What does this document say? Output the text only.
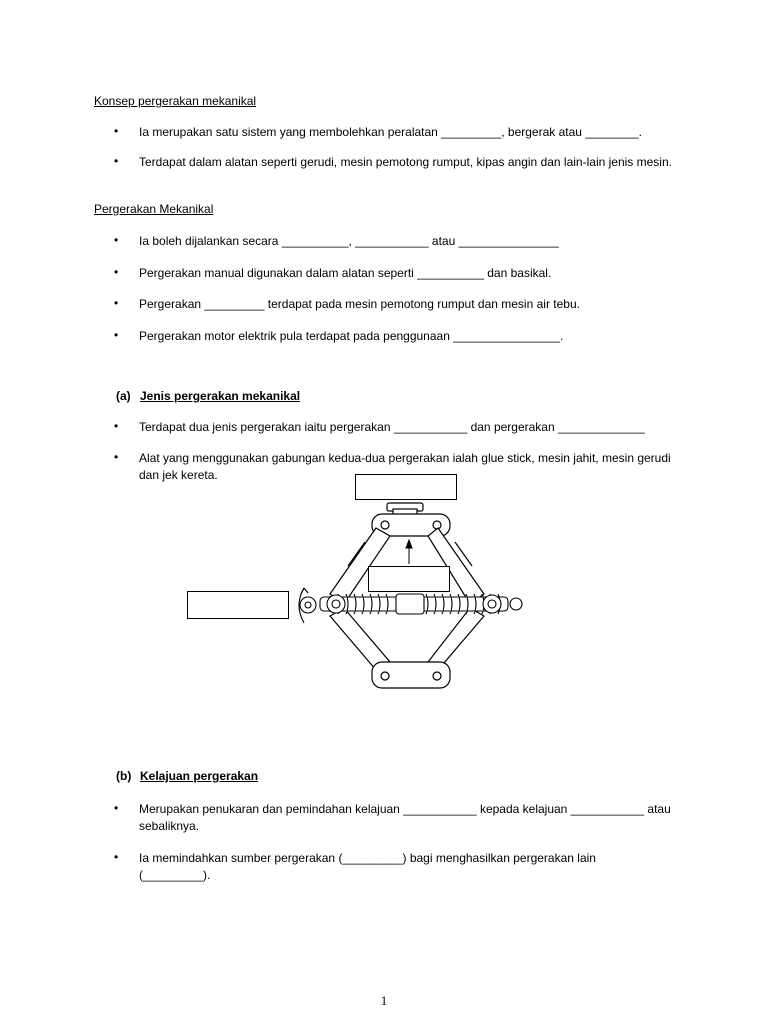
Konsep pergerakan mekanikal
• Ia merupakan satu sistem yang membolehkan peralatan _________, bergerak atau ________.
• Terdapat dalam alatan seperti gerudi, mesin pemotong rumput, kipas angin dan lain-lain jenis mesin.
Pergerakan Mekanikal
• Ia boleh dijalankan secara __________, ___________ atau _______________
• Pergerakan manual digunakan dalam alatan seperti __________ dan basikal.
• Pergerakan _________ terdapat pada mesin pemotong rumput dan mesin air tebu.
• Pergerakan motor elektrik pula terdapat pada penggunaan ________________.
(a) Jenis pergerakan mekanikal
• Terdapat dua jenis pergerakan iaitu pergerakan ___________ dan pergerakan _____________
• Alat yang menggunakan gabungan kedua-dua pergerakan ialah glue stick, mesin jahit, mesin gerudi dan jek kereta.
(b) Kelajuan pergerakan
• Merupakan penukaran dan pemindahan kelajuan ___________ kepada kelajuan ___________ atau sebaliknya.
• Ia memindahkan sumber pergerakan (_________) bagi menghasilkan pergerakan lain (_________).
1
